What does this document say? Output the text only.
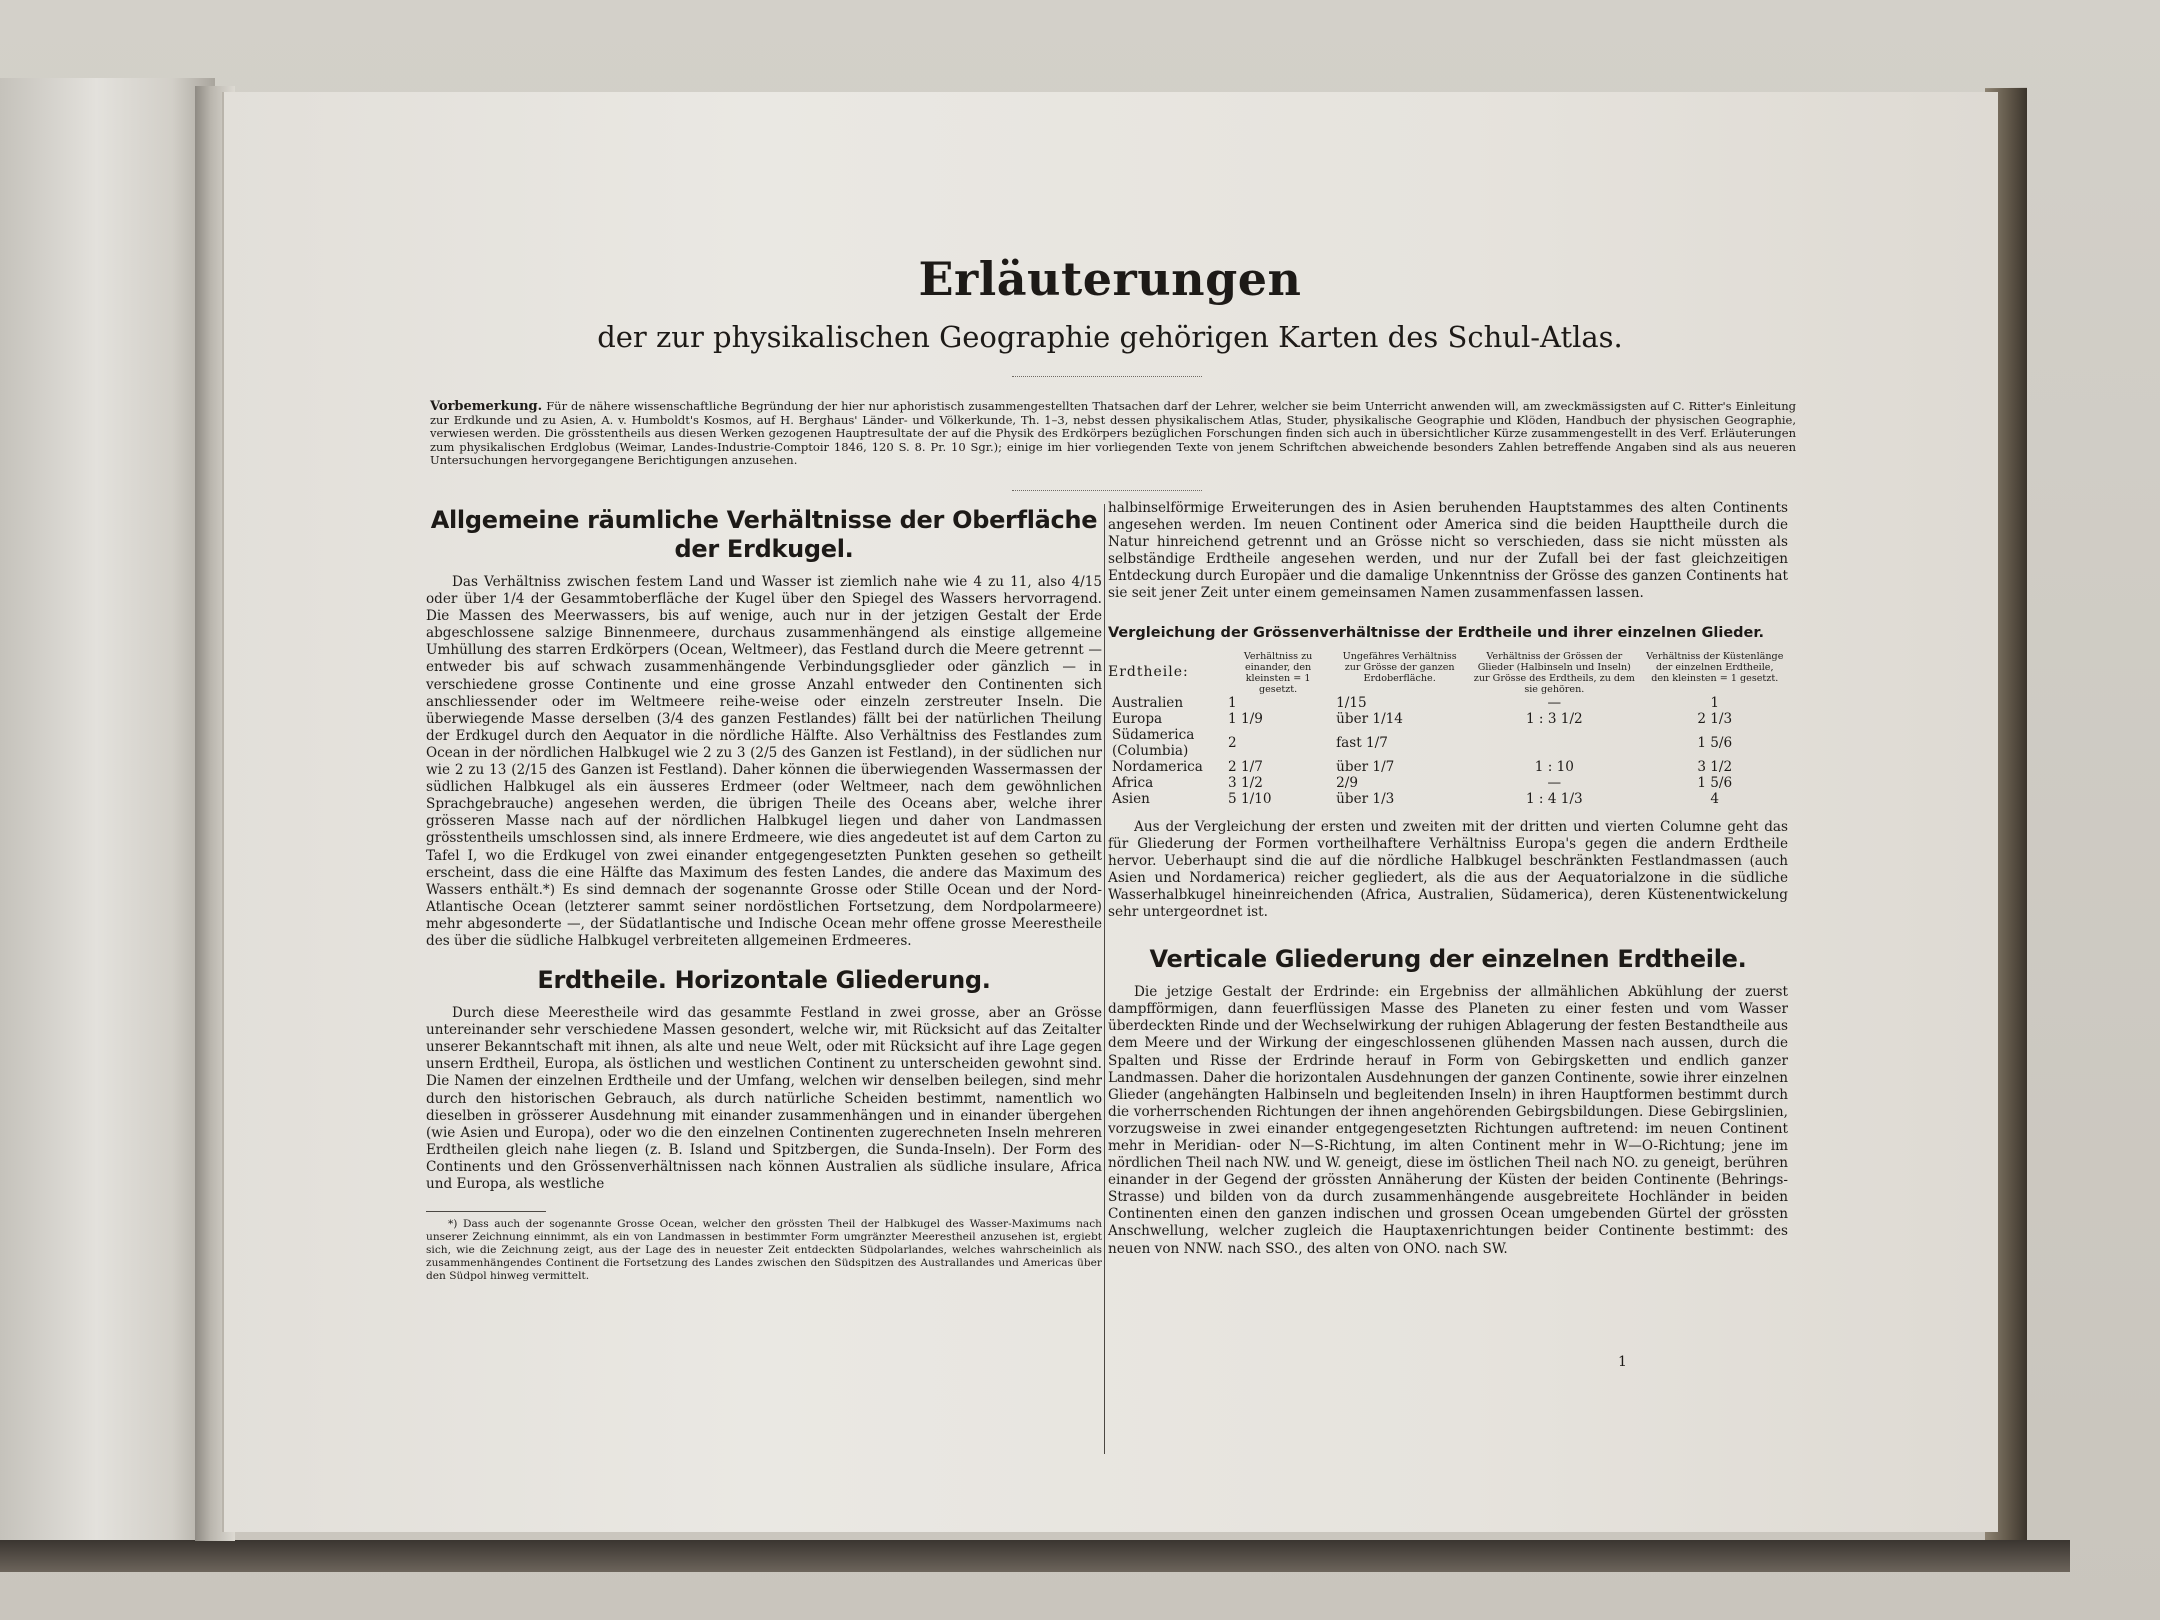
Erläuterungen
der zur physikalischen Geographie gehörigen Karten des Schul-Atlas.
Vorbemerkung. Für de nähere wissenschaftliche Begründung der hier nur aphoristisch zusammengestellten Thatsachen darf der Lehrer, welcher sie beim Unterricht anwenden will, am zweckmässigsten auf C. Ritter's Einleitung zur Erdkunde und zu Asien, A. v. Humboldt's Kosmos, auf H. Berghaus' Länder- und Völkerkunde, Th. 1–3, nebst dessen physikalischem Atlas, Studer, physikalische Geographie und Klöden, Handbuch der physischen Geographie, verwiesen werden. Die grösstentheils aus diesen Werken gezogenen Hauptresultate der auf die Physik des Erdkörpers bezüglichen Forschungen finden sich auch in übersichtlicher Kürze zusammengestellt in des Verf. Erläuterungen zum physikalischen Erdglobus (Weimar, Landes-Industrie-Comptoir 1846, 120 S. 8. Pr. 10 Sgr.); einige im hier vorliegenden Texte von jenem Schriftchen abweichende besonders Zahlen betreffende Angaben sind als aus neueren Untersuchungen hervorgegangene Berichtigungen anzusehen.
Allgemeine räumliche Verhältnisse der Oberfläche der Erdkugel.

Das Verhältniss zwischen festem Land und Wasser ist ziemlich nahe wie 4 zu 11, also 4/15 oder über 1/4 der Gesammtoberfläche der Kugel über den Spiegel des Wassers hervorragend. Die Massen des Meerwassers, bis auf wenige, auch nur in der jetzigen Gestalt der Erde abgeschlossene salzige Binnenmeere, durchaus zusammenhängend als einstige allgemeine Umhüllung des starren Erdkörpers (Ocean, Weltmeer), das Festland durch die Meere getrennt — entweder bis auf schwach zusammenhängende Verbindungsglieder oder gänzlich — in verschiedene grosse Continente und eine grosse Anzahl entweder den Continenten sich anschliessender oder im Weltmeere reihe-weise oder einzeln zerstreuter Inseln. Die überwiegende Masse derselben (3/4 des ganzen Festlandes) fällt bei der natürlichen Theilung der Erdkugel durch den Aequator in die nördliche Hälfte. Also Verhältniss des Festlandes zum Ocean in der nördlichen Halbkugel wie 2 zu 3 (2/5 des Ganzen ist Festland), in der südlichen nur wie 2 zu 13 (2/15 des Ganzen ist Festland). Daher können die überwiegenden Wassermassen der südlichen Halbkugel als ein äusseres Erdmeer (oder Weltmeer, nach dem gewöhnlichen Sprachgebrauche) angesehen werden, die übrigen Theile des Oceans aber, welche ihrer grösseren Masse nach auf der nördlichen Halbkugel liegen und daher von Landmassen grösstentheils umschlossen sind, als innere Erdmeere, wie dies angedeutet ist auf dem Carton zu Tafel I, wo die Erdkugel von zwei einander entgegengesetzten Punkten gesehen so getheilt erscheint, dass die eine Hälfte das Maximum des festen Landes, die andere das Maximum des Wassers enthält.*) Es sind demnach der sogenannte Grosse oder Stille Ocean und der Nord-Atlantische Ocean (letzterer sammt seiner nordöstlichen Fortsetzung, dem Nordpolarmeere) mehr abgesonderte —, der Südatlantische und Indische Ocean mehr offene grosse Meerestheile des über die südliche Halbkugel verbreiteten allgemeinen Erdmeeres.

Erdtheile. Horizontale Gliederung.

Durch diese Meerestheile wird das gesammte Festland in zwei grosse, aber an Grösse untereinander sehr verschiedene Massen gesondert, welche wir, mit Rücksicht auf das Zeitalter unserer Bekanntschaft mit ihnen, als alte und neue Welt, oder mit Rücksicht auf ihre Lage gegen unsern Erdtheil, Europa, als östlichen und westlichen Continent zu unterscheiden gewohnt sind. Die Namen der einzelnen Erdtheile und der Umfang, welchen wir denselben beilegen, sind mehr durch den historischen Gebrauch, als durch natürliche Scheiden bestimmt, namentlich wo dieselben in grösserer Ausdehnung mit einander zusammenhängen und in einander übergehen (wie Asien und Europa), oder wo die den einzelnen Continenten zugerechneten Inseln mehreren Erdtheilen gleich nahe liegen (z. B. Island und Spitzbergen, die Sunda-Inseln). Der Form des Continents und den Grössenverhältnissen nach können Australien als südliche insulare, Africa und Europa, als westliche

*) Dass auch der sogenannte Grosse Ocean, welcher den grössten Theil der Halbkugel des Wasser-Maximums nach unserer Zeichnung einnimmt, als ein von Landmassen in bestimmter Form umgränzter Meerestheil anzusehen ist, ergiebt sich, wie die Zeichnung zeigt, aus der Lage des in neuester Zeit entdeckten Südpolarlandes, welches wahrscheinlich als zusammenhängendes Continent die Fortsetzung des Landes zwischen den Südspitzen des Australlandes und Americas über den Südpol hinweg vermittelt.

halbinselförmige Erweiterungen des in Asien beruhenden Hauptstammes des alten Continents angesehen werden. Im neuen Continent oder America sind die beiden Haupttheile durch die Natur hinreichend getrennt und an Grösse nicht so verschieden, dass sie nicht müssten als selbständige Erdtheile angesehen werden, und nur der Zufall bei der fast gleichzeitigen Entdeckung durch Europäer und die damalige Unkenntniss der Grösse des ganzen Continents hat sie seit jener Zeit unter einem gemeinsamen Namen zusammenfassen lassen.

Vergleichung der Grössenverhältnisse der Erdtheile und ihrer einzelnen Glieder.
Erdtheile:	Verhältniss zu einander, den kleinsten = 1 gesetzt.	Ungefähres Verhältniss zur Grösse der ganzen Erdoberfläche.	Verhältniss der Grössen der Glieder (Halbinseln und Inseln) zur Grösse des Erdtheils, zu dem sie gehören.	Verhältniss der Küstenlänge der einzelnen Erdtheile, den kleinsten = 1 gesetzt.
Australien	1	1/15	—	1
Europa	1 1/9	über 1/14	1 : 3 1/2	2 1/3
Südamerica (Columbia)	2	fast 1/7		1 5/6
Nordamerica	2 1/7	über 1/7	1 : 10	3 1/2
Africa	3 1/2	2/9	—	1 5/6
Asien	5 1/10	über 1/3	1 : 4 1/3	4

Aus der Vergleichung der ersten und zweiten mit der dritten und vierten Columne geht das für Gliederung der Formen vortheilhaftere Verhältniss Europa's gegen die andern Erdtheile hervor. Ueberhaupt sind die auf die nördliche Halbkugel beschränkten Festlandmassen (auch Asien und Nordamerica) reicher gegliedert, als die aus der Aequatorialzone in die südliche Wasserhalbkugel hineinreichenden (Africa, Australien, Südamerica), deren Küstenentwickelung sehr untergeordnet ist.

Verticale Gliederung der einzelnen Erdtheile.

Die jetzige Gestalt der Erdrinde: ein Ergebniss der allmählichen Abkühlung der zuerst dampfförmigen, dann feuerflüssigen Masse des Planeten zu einer festen und vom Wasser überdeckten Rinde und der Wechselwirkung der ruhigen Ablagerung der festen Bestandtheile aus dem Meere und der Wirkung der eingeschlossenen glühenden Massen nach aussen, durch die Spalten und Risse der Erdrinde herauf in Form von Gebirgsketten und endlich ganzer Landmassen. Daher die horizontalen Ausdehnungen der ganzen Continente, sowie ihrer einzelnen Glieder (angehängten Halbinseln und begleitenden Inseln) in ihren Hauptformen bestimmt durch die vorherrschenden Richtungen der ihnen angehörenden Gebirgsbildungen. Diese Gebirgslinien, vorzugsweise in zwei einander entgegengesetzten Richtungen auftretend: im neuen Continent mehr in Meridian- oder N—S-Richtung, im alten Continent mehr in W—O-Richtung; jene im nördlichen Theil nach NW. und W. geneigt, diese im östlichen Theil nach NO. zu geneigt, berühren einander in der Gegend der grössten Annäherung der Küsten der beiden Continente (Behrings-Strasse) und bilden von da durch zusammenhängende ausgebreitete Hochländer in beiden Continenten einen den ganzen indischen und grossen Ocean umgebenden Gürtel der grössten Anschwellung, welcher zugleich die Hauptaxenrichtungen beider Continente bestimmt: des neuen von NNW. nach SSO., des alten von ONO. nach SW.

1
